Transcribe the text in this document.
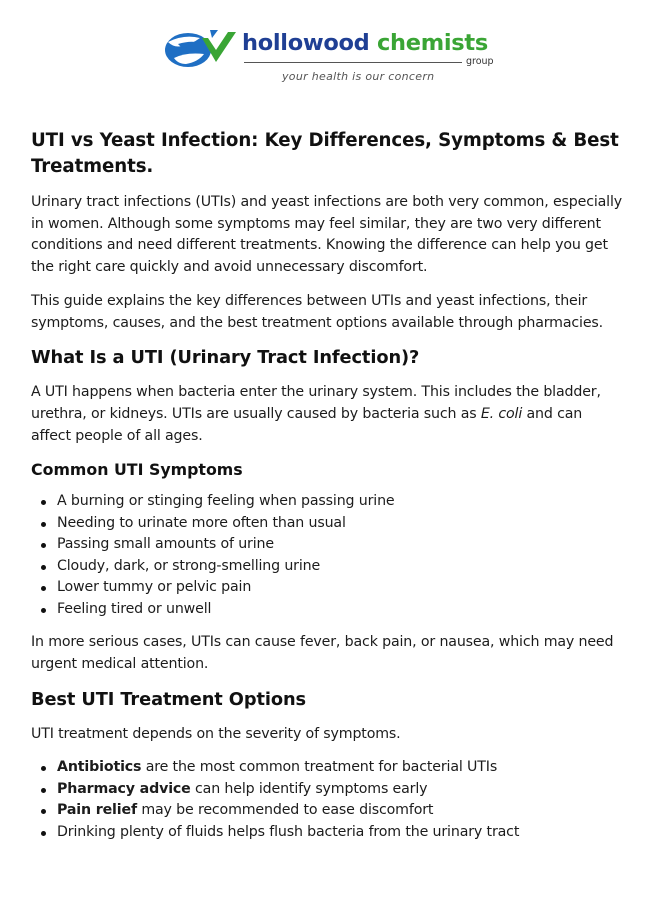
hollowood chemists
group
your health is our concern
UTI vs Yeast Infection: Key Differences, Symptoms & Best Treatments.

Urinary tract infections (UTIs) and yeast infections are both very common, especially in women. Although some symptoms may feel similar, they are two very different conditions and need different treatments. Knowing the difference can help you get the right care quickly and avoid unnecessary discomfort.

This guide explains the key differences between UTIs and yeast infections, their symptoms, causes, and the best treatment options available through pharmacies.

What Is a UTI (Urinary Tract Infection)?

A UTI happens when bacteria enter the urinary system. This includes the bladder, urethra, or kidneys. UTIs are usually caused by bacteria such as E. coli and can affect people of all ages.

Common UTI Symptoms
A burning or stinging feeling when passing urine
Needing to urinate more often than usual
Passing small amounts of urine
Cloudy, dark, or strong-smelling urine
Lower tummy or pelvic pain
Feeling tired or unwell

In more serious cases, UTIs can cause fever, back pain, or nausea, which may need urgent medical attention.

Best UTI Treatment Options

UTI treatment depends on the severity of symptoms.

Antibiotics are the most common treatment for bacterial UTIs
Pharmacy advice can help identify symptoms early
Pain relief may be recommended to ease discomfort
Drinking plenty of fluids helps flush bacteria from the urinary tract
